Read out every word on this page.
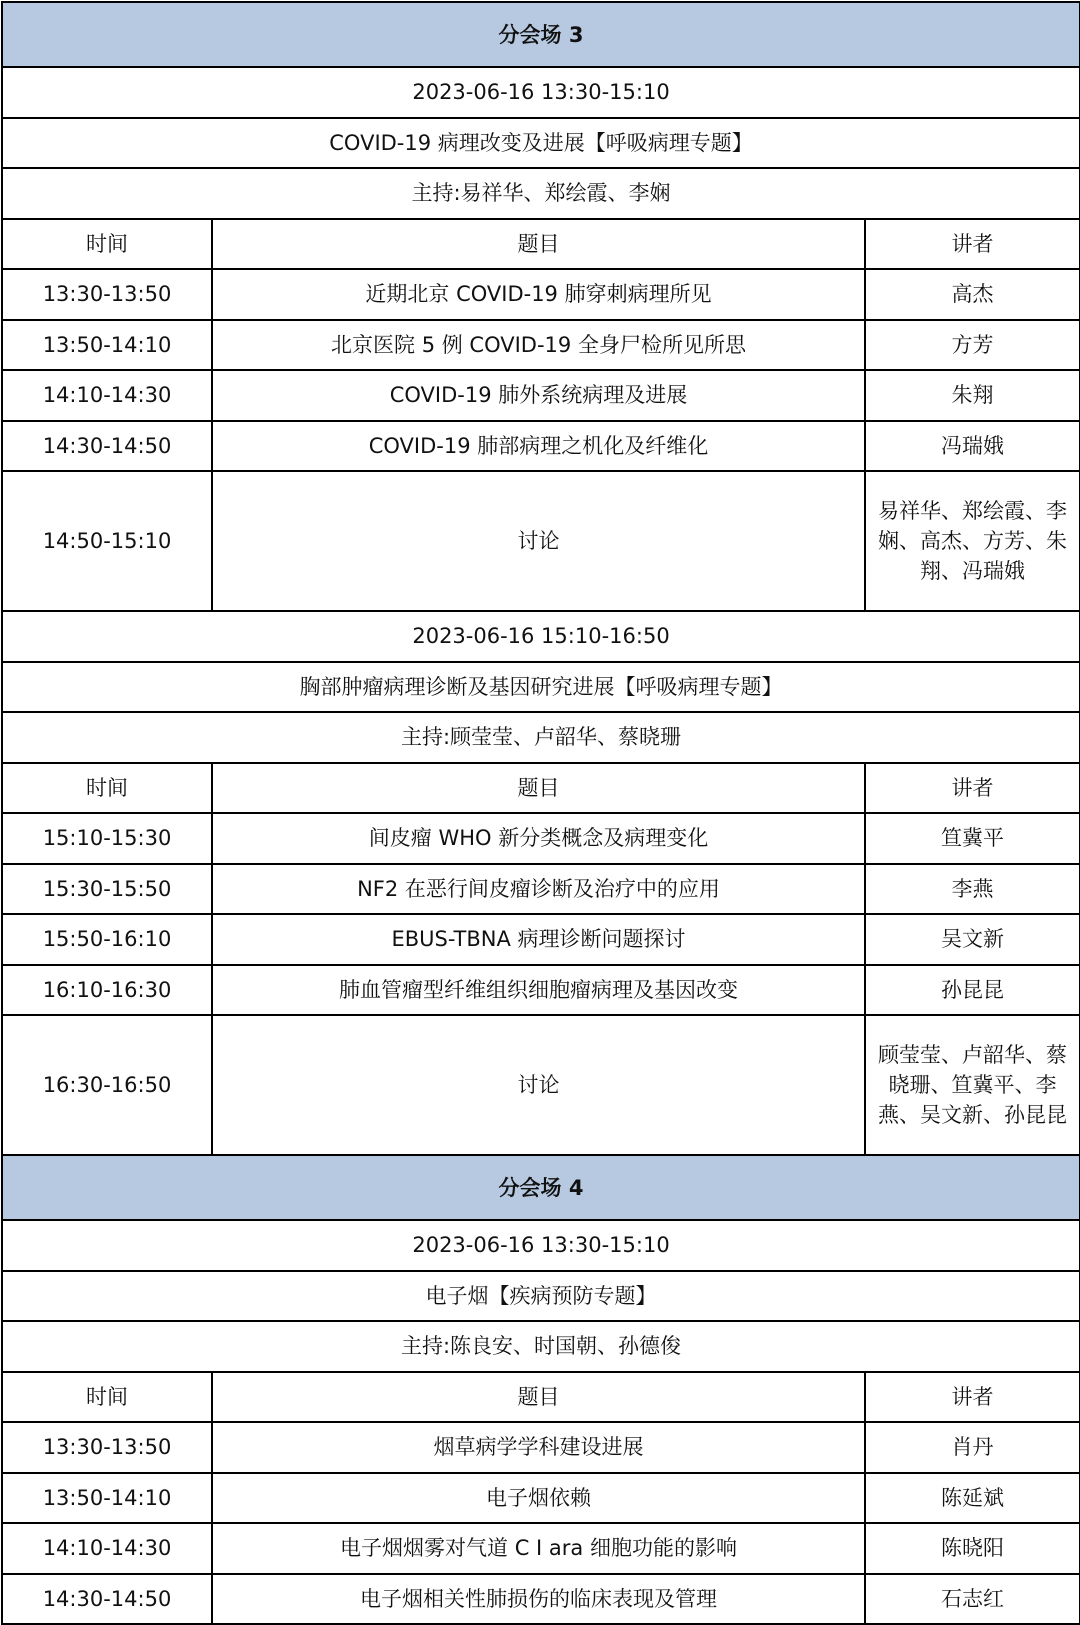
分会场 3		
2023-06-16 13:30-15:10		
COVID-19 病理改变及进展【呼吸病理专题】		
主持:易祥华、郑绘霞、李娴		
时间	题目	讲者
13:30-13:50	近期北京 COVID-19 肺穿刺病理所见	高杰
13:50-14:10	北京医院 5 例 COVID-19 全身尸检所见所思	方芳
14:10-14:30	COVID-19 肺外系统病理及进展	朱翔
14:30-14:50	COVID-19 肺部病理之机化及纤维化	冯瑞娥
14:50-15:10	讨论	易祥华、郑绘霞、李娴、高杰、方芳、朱翔、冯瑞娥
2023-06-16 15:10-16:50		
胸部肿瘤病理诊断及基因研究进展【呼吸病理专题】		
主持:顾莹莹、卢韶华、蔡晓珊		
时间	题目	讲者
15:10-15:30	间皮瘤 WHO 新分类概念及病理变化	笪冀平
15:30-15:50	NF2 在恶行间皮瘤诊断及治疗中的应用	李燕
15:50-16:10	EBUS-TBNA 病理诊断问题探讨	吴文新
16:10-16:30	肺血管瘤型纤维组织细胞瘤病理及基因改变	孙昆昆
16:30-16:50	讨论	顾莹莹、卢韶华、蔡晓珊、笪冀平、李燕、吴文新、孙昆昆
分会场 4		
2023-06-16 13:30-15:10		
电子烟【疾病预防专题】		
主持:陈良安、时国朝、孙德俊		
时间	题目	讲者
13:30-13:50	烟草病学学科建设进展	肖丹
13:50-14:10	电子烟依赖	陈延斌
14:10-14:30	电子烟烟雾对气道 C Ⅰ ara 细胞功能的影响	陈晓阳
14:30-14:50	电子烟相关性肺损伤的临床表现及管理	石志红
